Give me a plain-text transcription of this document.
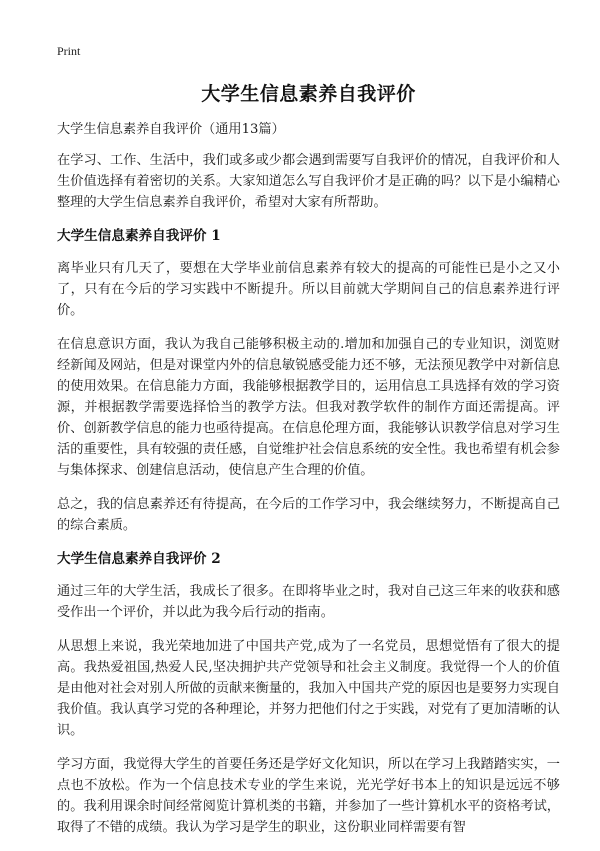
Print
大学生信息素养自我评价

大学生信息素养自我评价（通用13篇）

在学习、工作、生活中，我们或多或少都会遇到需要写自我评价的情况，自我评价和人生价值选择有着密切的关系。大家知道怎么写自我评价才是正确的吗？以下是小编精心整理的大学生信息素养自我评价，希望对大家有所帮助。

大学生信息素养自我评价 1

离毕业只有几天了，要想在大学毕业前信息素养有较大的提高的可能性已是小之又小了，只有在今后的学习实践中不断提升。所以目前就大学期间自己的信息素养进行评价。

在信息意识方面，我认为我自己能够积极主动的.增加和加强自己的专业知识，浏览财经新闻及网站，但是对课堂内外的信息敏锐感受能力还不够，无法预见教学中对新信息的使用效果。在信息能力方面，我能够根据教学目的，运用信息工具选择有效的学习资源，并根据教学需要选择恰当的教学方法。但我对教学软件的制作方面还需提高。评价、创新教学信息的能力也亟待提高。在信息伦理方面，我能够认识教学信息对学习生活的重要性，具有较强的责任感，自觉维护社会信息系统的安全性。我也希望有机会参与集体探求、创建信息活动，使信息产生合理的价值。

总之，我的信息素养还有待提高，在今后的工作学习中，我会继续努力，不断提高自己的综合素质。

大学生信息素养自我评价 2

通过三年的大学生活，我成长了很多。在即将毕业之时，我对自己这三年来的收获和感受作出一个评价，并以此为我今后行动的指南。

从思想上来说，我光荣地加进了中国共产党,成为了一名党员，思想觉悟有了很大的提高。我热爱祖国,热爱人民,坚决拥护共产党领导和社会主义制度。我觉得一个人的价值是由他对社会对别人所做的贡献来衡量的，我加入中国共产党的原因也是要努力实现自我价值。我认真学习党的各种理论，并努力把他们付之于实践，对党有了更加清晰的认识。

学习方面，我觉得大学生的首要任务还是学好文化知识，所以在学习上我踏踏实实，一点也不放松。作为一个信息技术专业的学生来说，光光学好书本上的知识是远远不够的。我利用课余时间经常阅览计算机类的书籍，并参加了一些计算机水平的资格考试，取得了不错的成绩。我认为学习是学生的职业，这份职业同样需要有智
